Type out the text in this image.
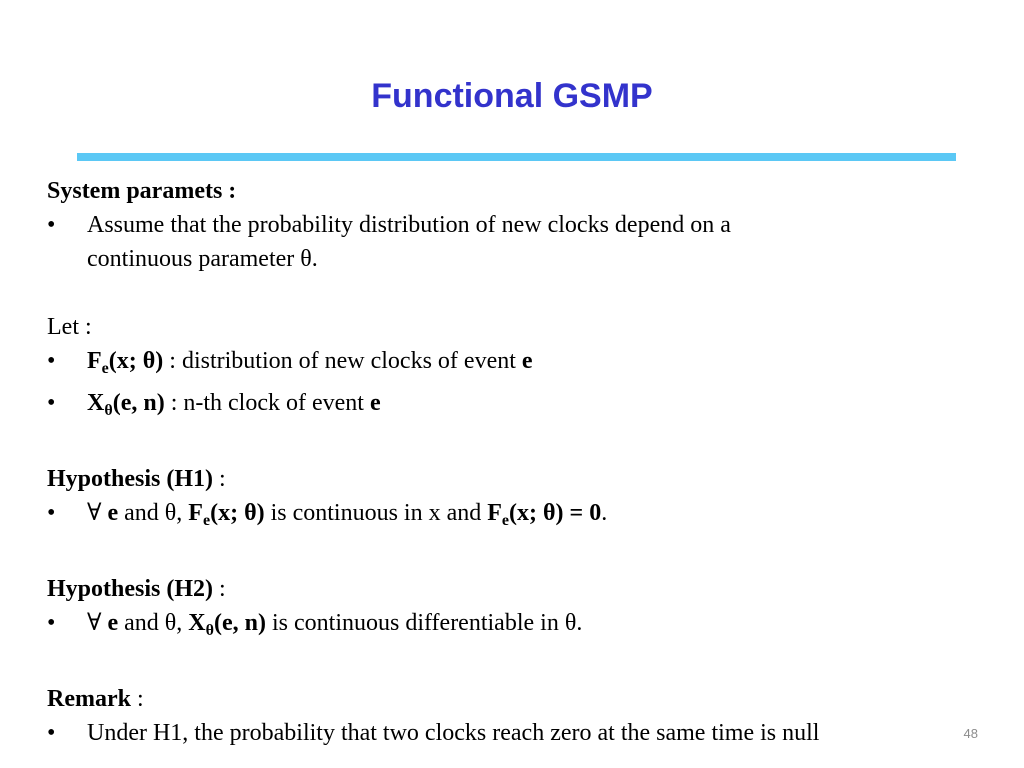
Functional GSMP

System paramets :

• Assume that the probability distribution of new clocks depend on a
continuous parameter θ.

Let :

• $F_e(x$; θ) : distribution of new clocks of event e
• $X_\theta(e$, n) : n-th clock of event e

Hypothesis (H1) :

• ∀ e and θ, $F_e(x$; θ) is continuous in x and $F_e(x$; θ) = 0.

Hypothesis (H2) :

• ∀ e and θ, $X_\theta(e$, n) is continuous differentiable in θ.

Remark :

• Under H1, the probability that two clocks reach zero at the same time is null	48
